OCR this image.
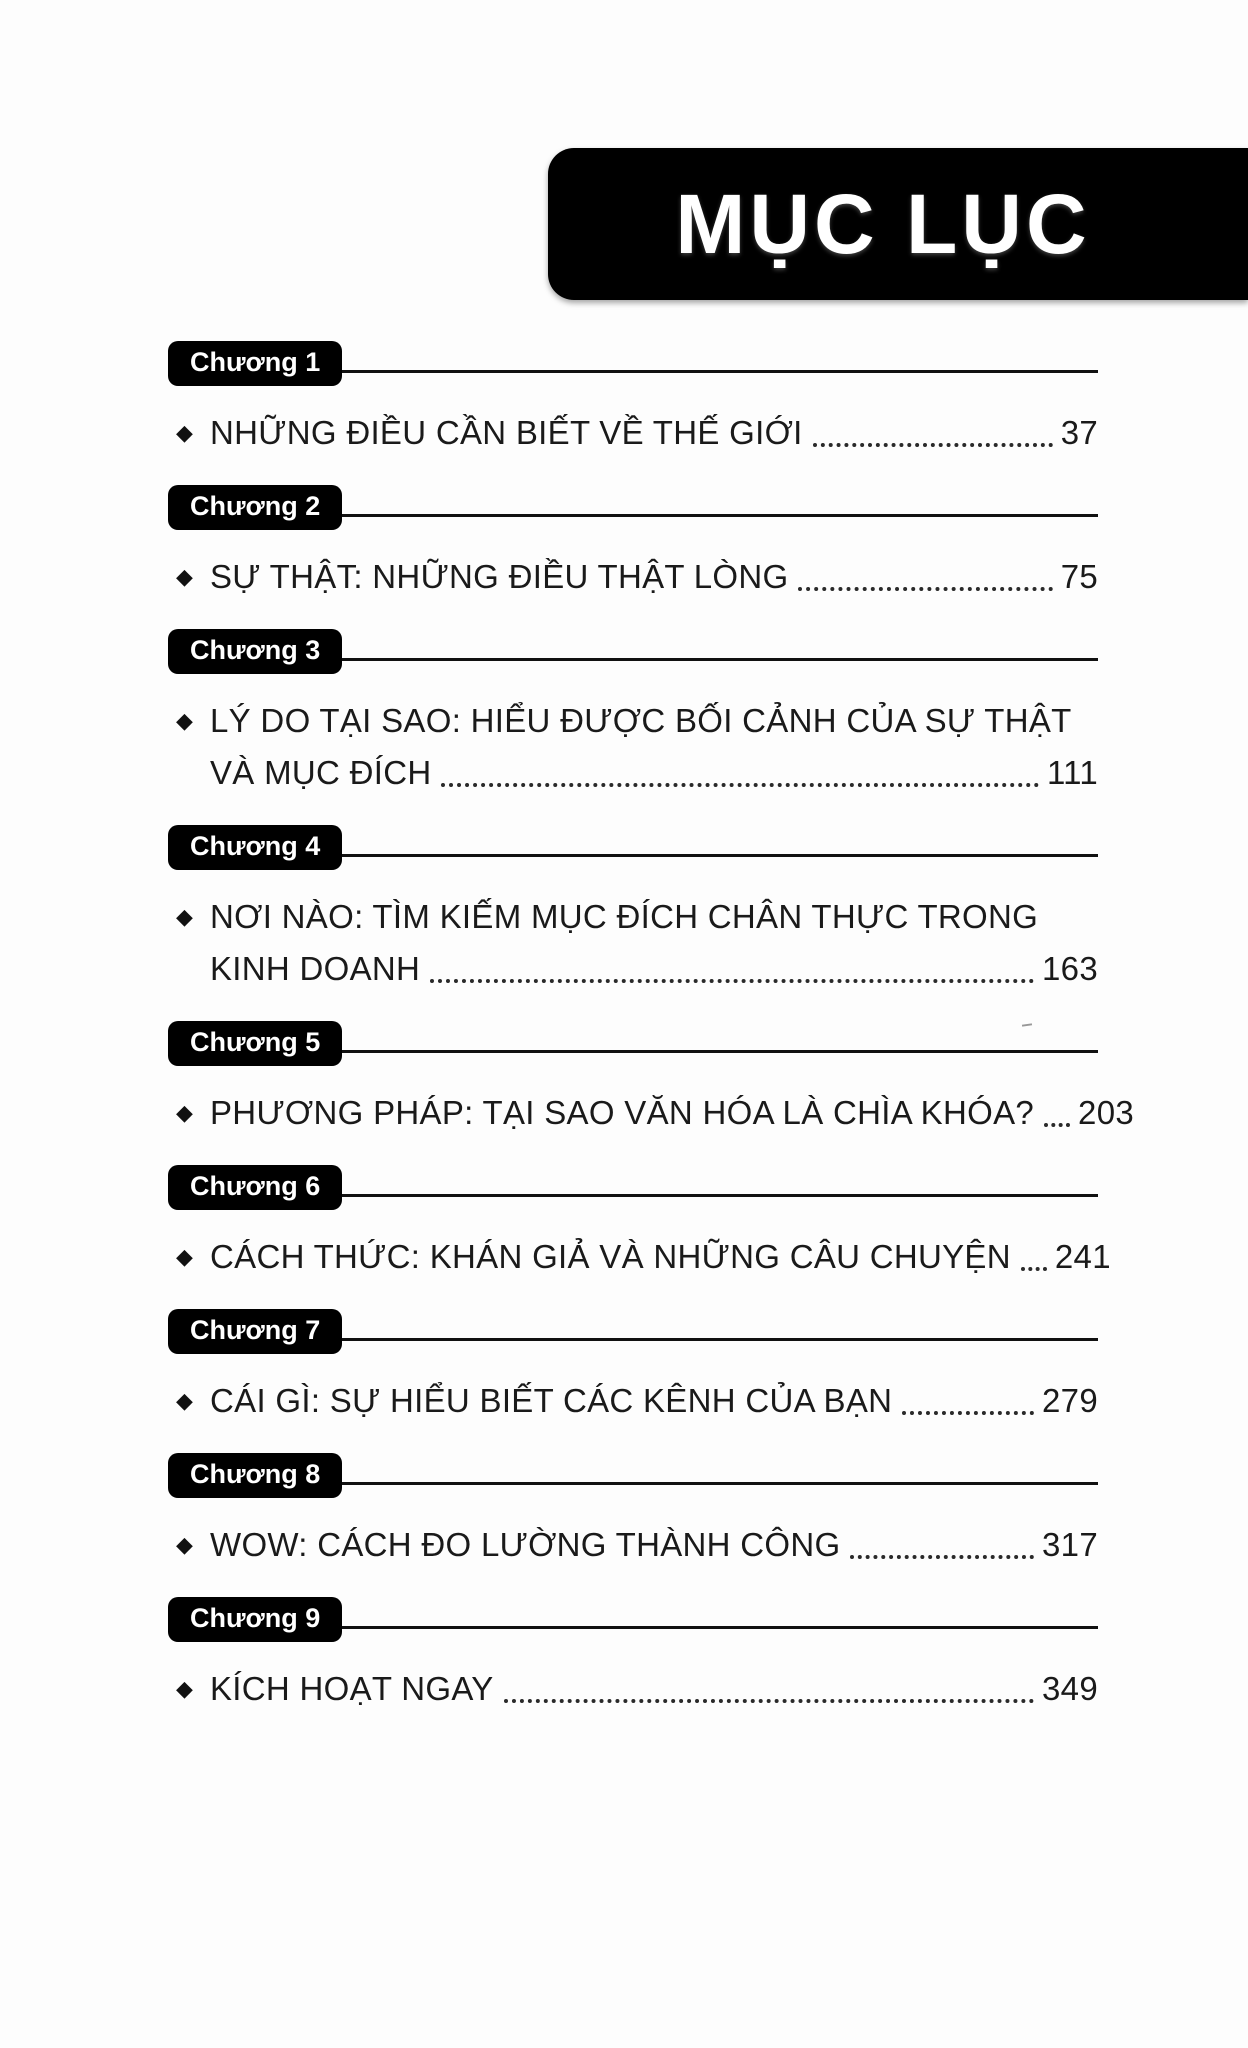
MỤC LỤC
Chương 1
◆ NHỮNG ĐIỀU CẦN BIẾT VỀ THẾ GIỚI	37
Chương 2
◆ SỰ THẬT: NHỮNG ĐIỀU THẬT LÒNG	75
Chương 3
◆ LÝ DO TẠI SAO: HIỂU ĐƯỢC BỐI CẢNH CỦA SỰ THẬT
VÀ MỤC ĐÍCH	111
Chương 4
◆ NƠI NÀO: TÌM KIẾM MỤC ĐÍCH CHÂN THỰC TRONG
KINH DOANH	163
Chương 5
◆ PHƯƠNG PHÁP: TẠI SAO VĂN HÓA LÀ CHÌA KHÓA? 203
Chương 6
◆ CÁCH THỨC: KHÁN GIẢ VÀ NHỮNG CÂU CHUYỆN 241
Chương 7
◆ CÁI GÌ: SỰ HIỂU BIẾT CÁC KÊNH CỦA BẠN	279
Chương 8
◆ WOW: CÁCH ĐO LƯỜNG THÀNH CÔNG	317
Chương 9
◆ KÍCH HOẠT NGAY	349
